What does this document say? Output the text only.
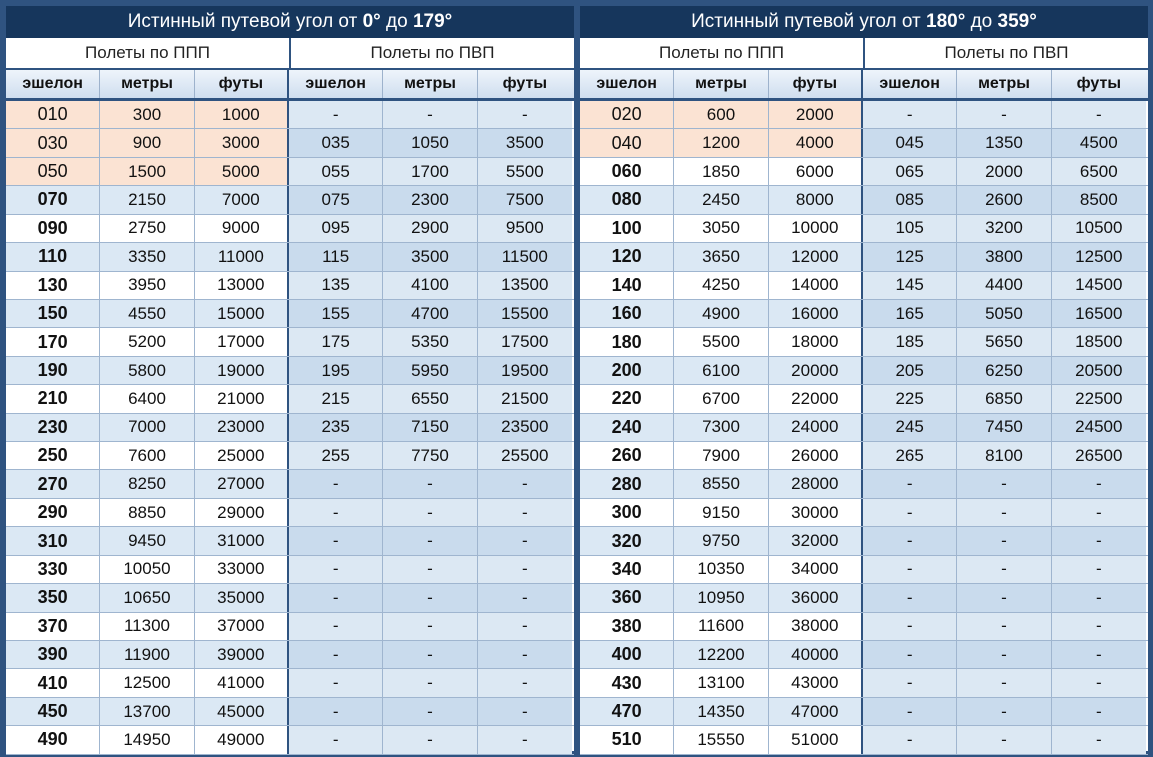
Истинный путевой угол от 0° до 179°
Полеты по ППП	Полеты по ПВП
эшелон	метры	футы	эшелон	метры	футы
010	300	1000	-	-	-
030	900	3000	035	1050	3500
050	1500	5000	055	1700	5500
070	2150	7000	075	2300	7500
090	2750	9000	095	2900	9500
110	3350	11000	115	3500	11500
130	3950	13000	135	4100	13500
150	4550	15000	155	4700	15500
170	5200	17000	175	5350	17500
190	5800	19000	195	5950	19500
210	6400	21000	215	6550	21500
230	7000	23000	235	7150	23500
250	7600	25000	255	7750	25500
270	8250	27000	-	-	-
290	8850	29000	-	-	-
310	9450	31000	-	-	-
330	10050	33000	-	-	-
350	10650	35000	-	-	-
370	11300	37000	-	-	-
390	11900	39000	-	-	-
410	12500	41000	-	-	-
450	13700	45000	-	-	-
490	14950	49000	-	-	-
Истинный путевой угол от 180° до 359°
Полеты по ППП	Полеты по ПВП
эшелон	метры	футы	эшелон	метры	футы
020	600	2000	-	-	-
040	1200	4000	045	1350	4500
060	1850	6000	065	2000	6500
080	2450	8000	085	2600	8500
100	3050	10000	105	3200	10500
120	3650	12000	125	3800	12500
140	4250	14000	145	4400	14500
160	4900	16000	165	5050	16500
180	5500	18000	185	5650	18500
200	6100	20000	205	6250	20500
220	6700	22000	225	6850	22500
240	7300	24000	245	7450	24500
260	7900	26000	265	8100	26500
280	8550	28000	-	-	-
300	9150	30000	-	-	-
320	9750	32000	-	-	-
340	10350	34000	-	-	-
360	10950	36000	-	-	-
380	11600	38000	-	-	-
400	12200	40000	-	-	-
430	13100	43000	-	-	-
470	14350	47000	-	-	-
510	15550	51000	-	-	-
